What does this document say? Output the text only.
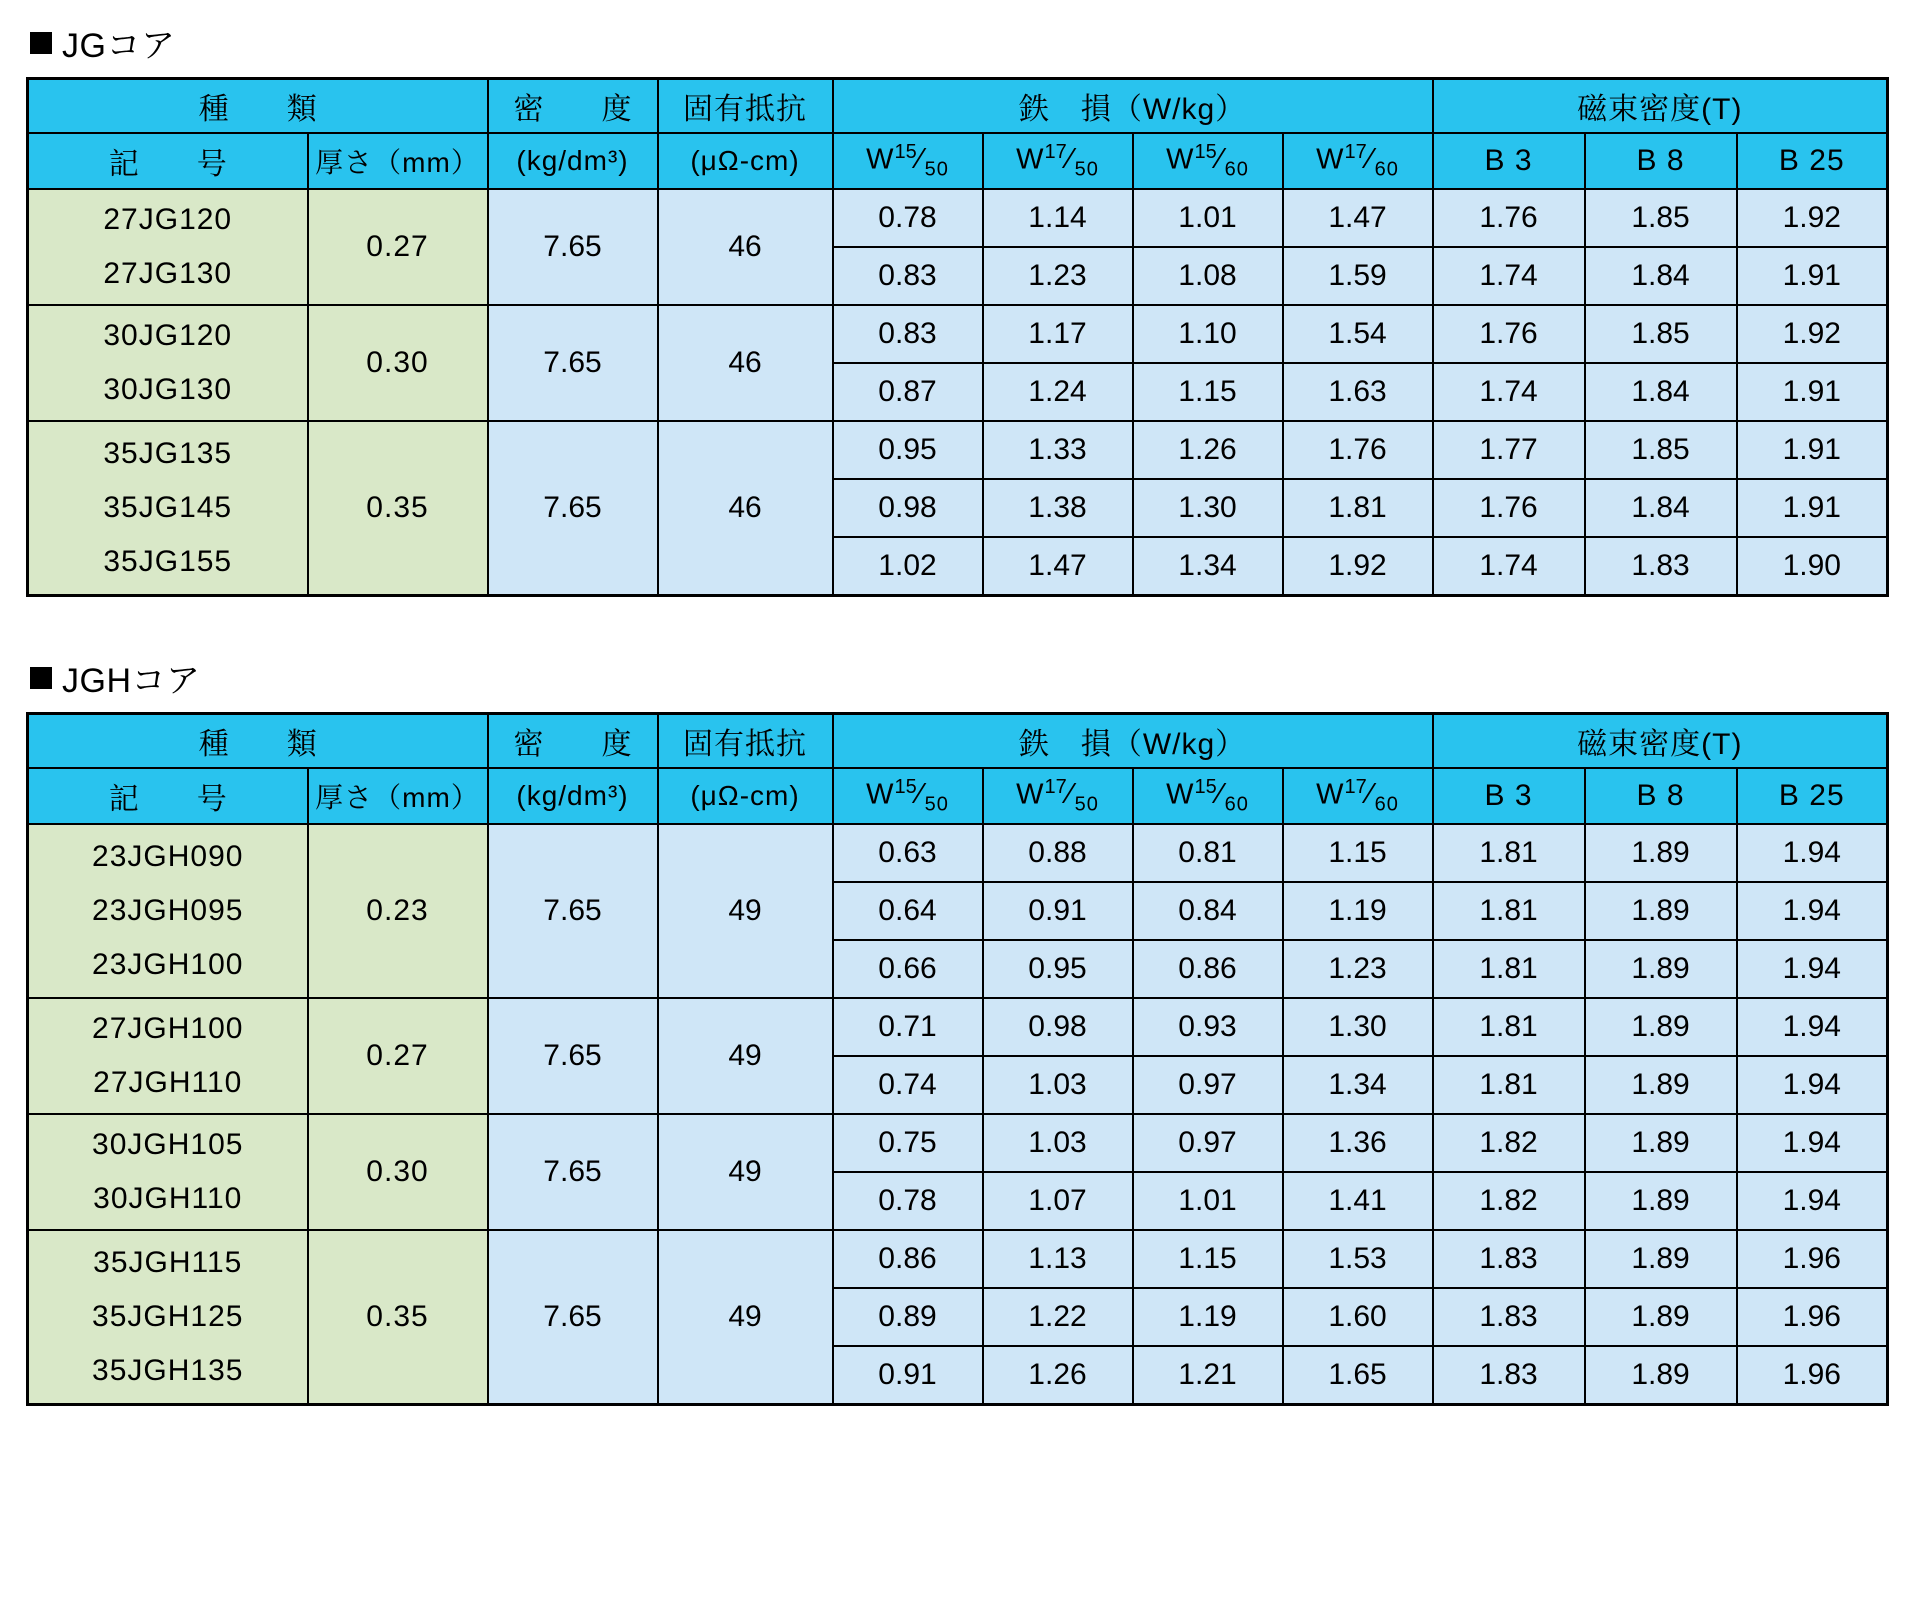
JGコア
種　類		密　度	固有抵抗	鉄　損（W/kg）				磁束密度(T)		
記　号	厚さ（mm）	(kg/dm³)	(μΩ-cm)	$W^{15}⁄_{50}$	$W^{17}⁄_{50}$	$W^{15}⁄_{60}$	$W^{17}⁄_{60}$	B 3	B 8	B 25

27JG120
27JG130	0.27	7.65	46	0.78	1.14	1.01	1.47	1.76	1.85	1.92
				0.83	1.23	1.08	1.59	1.74	1.84	1.91

30JG120
30JG130	0.30	7.65	46	0.83	1.17	1.10	1.54	1.76	1.85	1.92
				0.87	1.24	1.15	1.63	1.74	1.84	1.91

35JG135
35JG145
35JG155	0.35	7.65	46	0.95	1.33	1.26	1.76	1.77	1.85	1.91
				0.98	1.38	1.30	1.81	1.76	1.84	1.91
				1.02	1.47	1.34	1.92	1.74	1.83	1.90
JGHコア
種　類		密　度	固有抵抗	鉄　損（W/kg）				磁束密度(T)		
記　号	厚さ（mm）	(kg/dm³)	(μΩ-cm)	$W^{15}⁄_{50}$	$W^{17}⁄_{50}$	$W^{15}⁄_{60}$	$W^{17}⁄_{60}$	B 3	B 8	B 25

23JGH090
23JGH095
23JGH100	0.23	7.65	49	0.63	0.88	0.81	1.15	1.81	1.89	1.94
				0.64	0.91	0.84	1.19	1.81	1.89	1.94
				0.66	0.95	0.86	1.23	1.81	1.89	1.94

27JGH100
27JGH110	0.27	7.65	49	0.71	0.98	0.93	1.30	1.81	1.89	1.94
				0.74	1.03	0.97	1.34	1.81	1.89	1.94

30JGH105
30JGH110	0.30	7.65	49	0.75	1.03	0.97	1.36	1.82	1.89	1.94
				0.78	1.07	1.01	1.41	1.82	1.89	1.94

35JGH115
35JGH125
35JGH135	0.35	7.65	49	0.86	1.13	1.15	1.53	1.83	1.89	1.96
				0.89	1.22	1.19	1.60	1.83	1.89	1.96
				0.91	1.26	1.21	1.65	1.83	1.89	1.96
